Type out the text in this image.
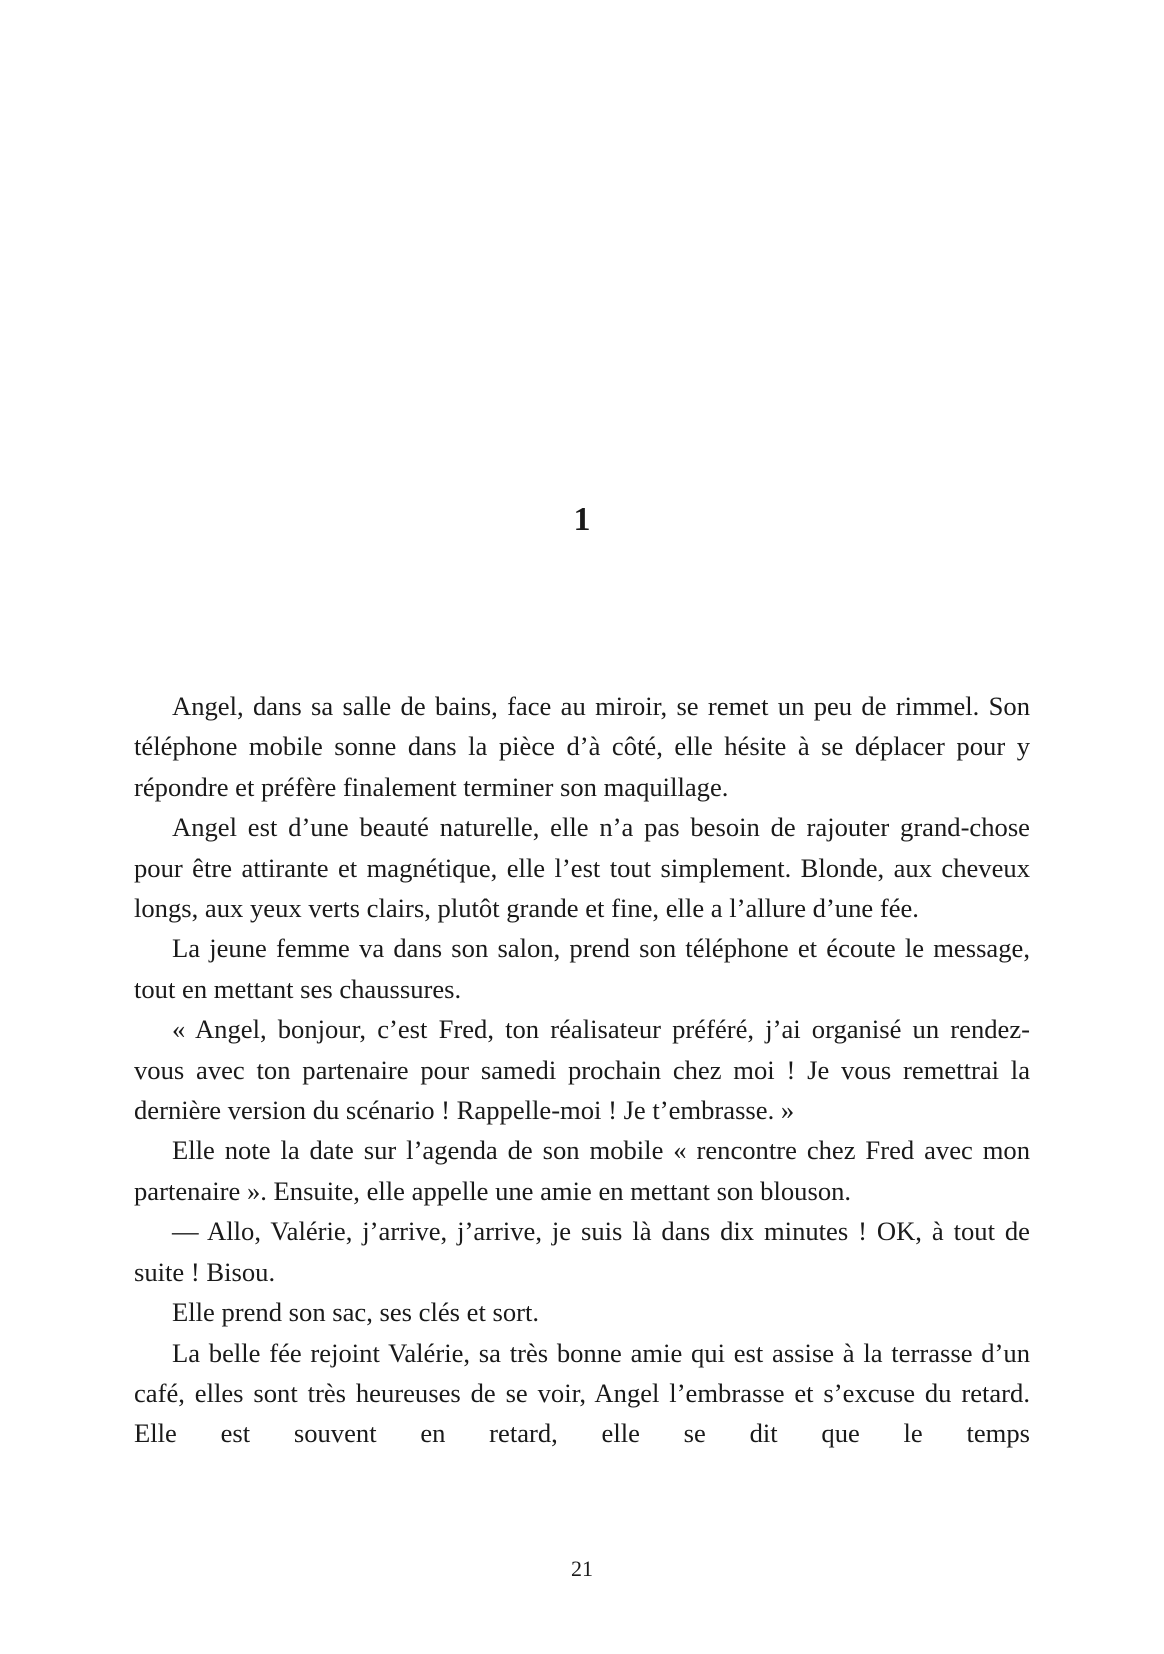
1

Angel, dans sa salle de bains, face au miroir, se remet un peu de rimmel. Son téléphone mobile sonne dans la pièce d’à côté, elle hésite à se déplacer pour y répondre et préfère finalement terminer son maquillage.

Angel est d’une beauté naturelle, elle n’a pas besoin de rajouter grand-chose pour être attirante et magnétique, elle l’est tout simplement. Blonde, aux cheveux longs, aux yeux verts clairs, plutôt grande et fine, elle a l’allure d’une fée.

La jeune femme va dans son salon, prend son téléphone et écoute le message, tout en mettant ses chaussures.

« Angel, bonjour, c’est Fred, ton réalisateur préféré, j’ai organisé un rendez-vous avec ton partenaire pour samedi prochain chez moi ! Je vous remettrai la dernière version du scénario ! Rappelle-moi ! Je t’embrasse. »

Elle note la date sur l’agenda de son mobile « rencontre chez Fred avec mon partenaire ». Ensuite, elle appelle une amie en mettant son blouson.

— Allo, Valérie, j’arrive, j’arrive, je suis là dans dix minutes ! OK, à tout de suite ! Bisou.

Elle prend son sac, ses clés et sort.

La belle fée rejoint Valérie, sa très bonne amie qui est assise à la terrasse d’un café, elles sont très heureuses de se voir, Angel l’embrasse et s’excuse du retard. Elle est souvent en retard, elle se dit que le temps

21
